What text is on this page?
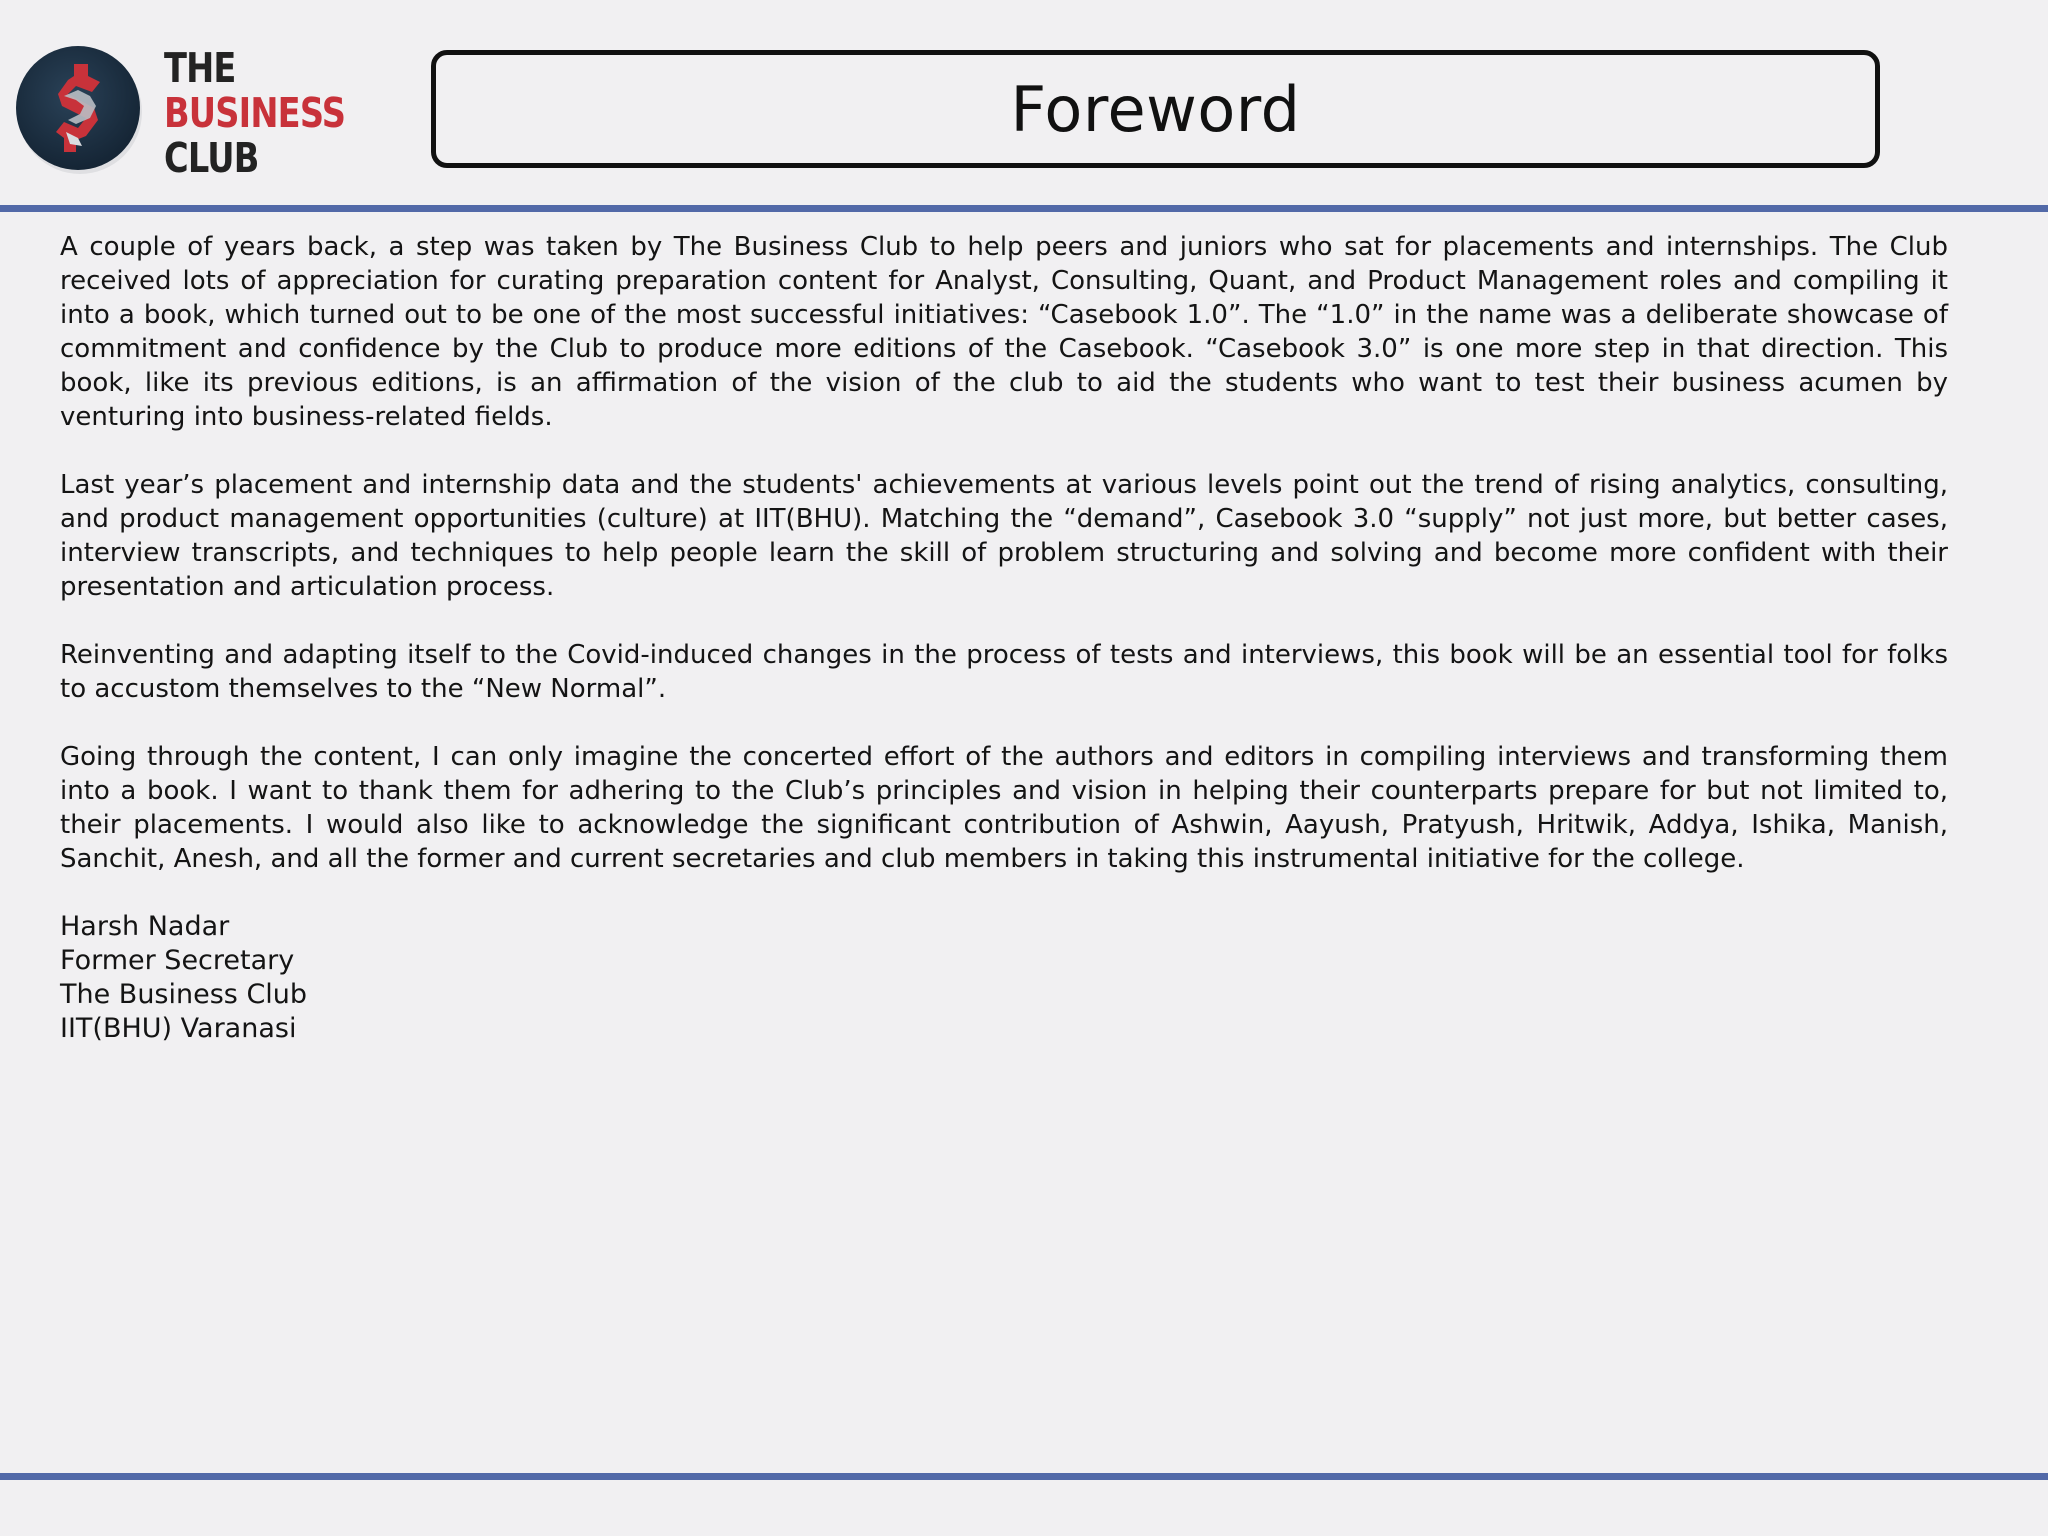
THE
BUSINESS
CLUB
Foreword

A couple of years back, a step was taken by The Business Club to help peers and juniors who sat for placements and internships. The Club received lots of appreciation for curating preparation content for Analyst, Consulting, Quant, and Product Management roles and compiling it into a book, which turned out to be one of the most successful initiatives: “Casebook 1.0”. The “1.0” in the name was a deliberate showcase of commitment and confidence by the Club to produce more editions of the Casebook. “Casebook 3.0” is one more step in that direction. This book, like its previous editions, is an affirmation of the vision of the club to aid the students who want to test their business acumen by venturing into business-related fields.

Last year’s placement and internship data and the students' achievements at various levels point out the trend of rising analytics, consulting, and product management opportunities (culture) at IIT(BHU). Matching the “demand”, Casebook 3.0 “supply” not just more, but better cases, interview transcripts, and techniques to help people learn the skill of problem structuring and solving and become more confident with their presentation and articulation process.

Reinventing and adapting itself to the Covid-induced changes in the process of tests and interviews, this book will be an essential tool for folks to accustom themselves to the “New Normal”.

Going through the content, I can only imagine the concerted effort of the authors and editors in compiling interviews and transforming them into a book. I want to thank them for adhering to the Club’s principles and vision in helping their counterparts prepare for but not limited to, their placements. I would also like to acknowledge the significant contribution of Ashwin, Aayush, Pratyush, Hritwik, Addya, Ishika, Manish, Sanchit, Anesh, and all the former and current secretaries and club members in taking this instrumental initiative for the college.

Harsh Nadar
Former Secretary
The Business Club
IIT(BHU) Varanasi
